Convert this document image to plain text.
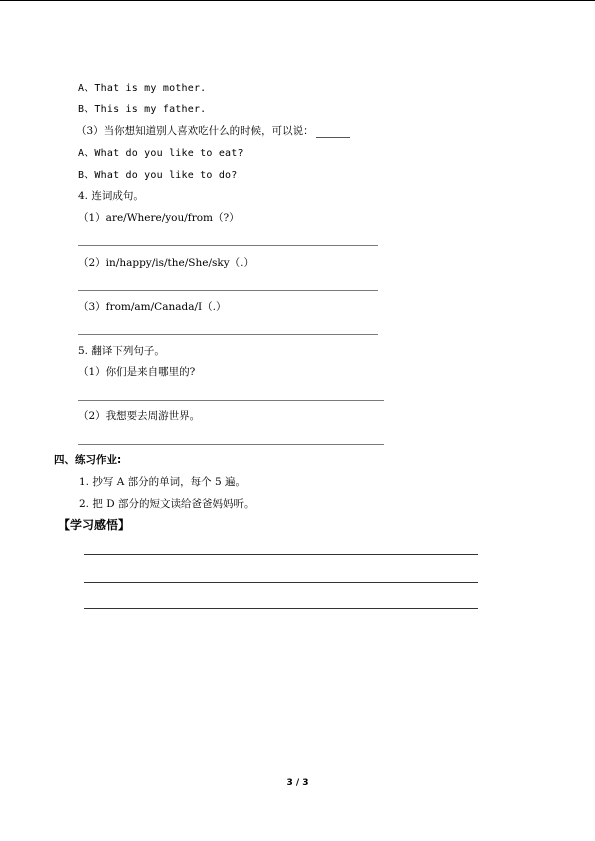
A、That is my mother.
B、This is my father.
（3）当你想知道别人喜欢吃什么的时候，可以说：
A、What do you like to eat?
B、What do you like to do?
4. 连词成句。
（1）are/Where/you/from（?）
（2）in/happy/is/the/She/sky（.）
（3）from/am/Canada/I（.）
5. 翻译下列句子。
（1）你们是来自哪里的?
（2）我想要去周游世界。
四、练习作业:
1. 抄写 A 部分的单词，每个 5 遍。
2. 把 D 部分的短文读给爸爸妈妈听。
【学习感悟】
3 / 3
